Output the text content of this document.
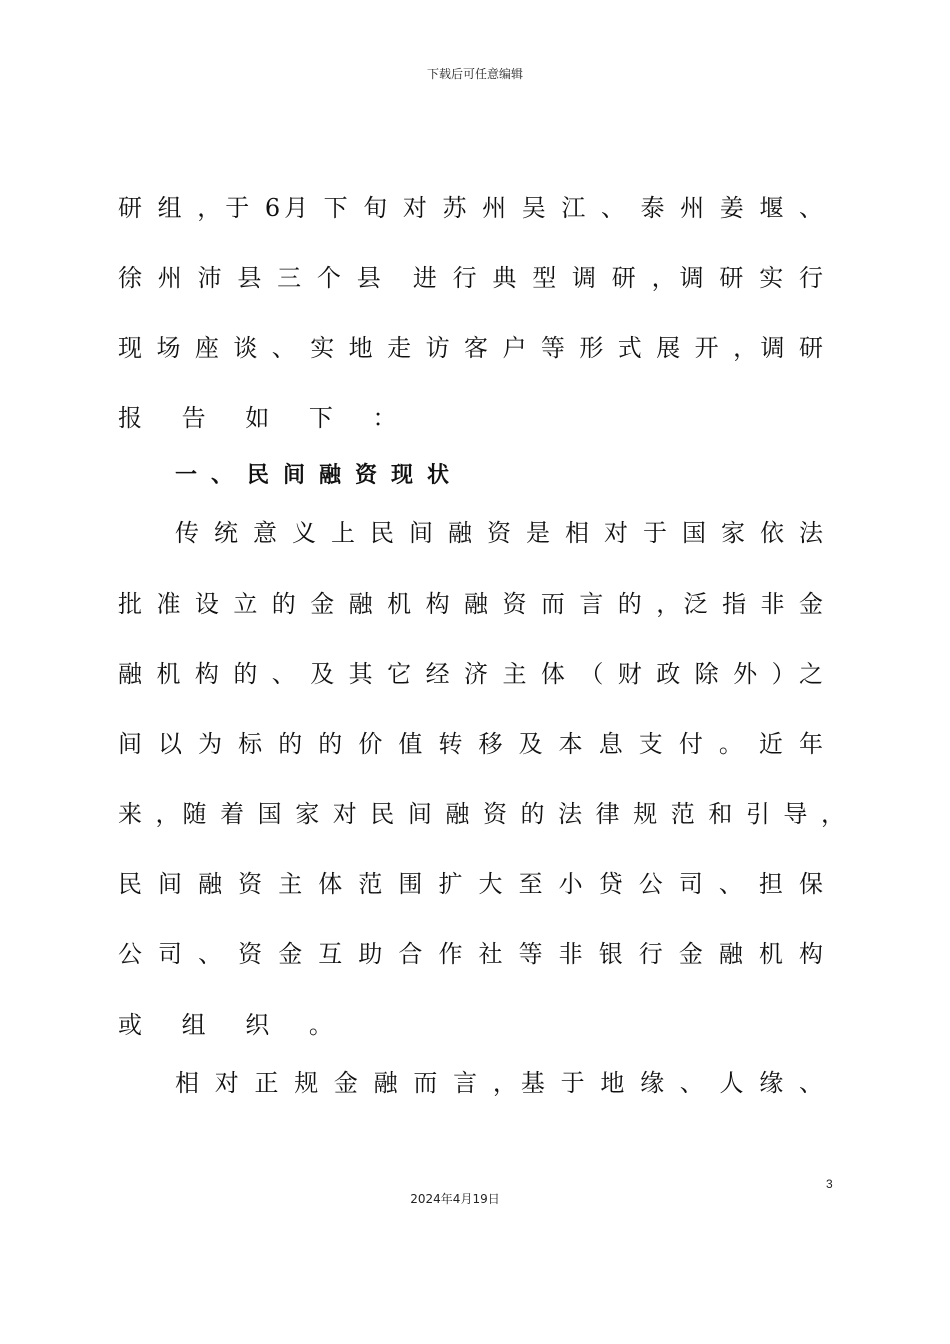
下载后可任意编辑
研 组 ，于 6月 下 旬 对 苏 州 吴 江 、 泰 州 姜 堰 、
徐 州 沛 县 三 个 县　进 行 典 型 调 研 ，调 研 实 行
现 场 座 谈 、 实 地 走 访 客 户 等 形 式 展 开 ，调 研
报 告 如 下 ：
一、民间融资现状
传 统 意 义 上 民 间 融 资 是 相 对 于 国 家 依 法
批 准 设 立 的 金 融 机 构 融 资 而 言 的 ，泛 指 非 金
融 机 构 的 、 及 其 它 经 济 主 体 （ 财 政 除 外 ）之
间 以 为 标 的 的 价 值 转 移 及 本 息 支 付 。 近 年
来 ，随 着 国 家 对 民 间 融 资 的 法 律 规 范 和 引 导 ，
民 间 融 资 主 体 范 围 扩 大 至 小 贷 公 司 、 担 保
公 司 、 资 金 互 助 合 作 社 等 非 银 行 金 融 机 构
或 组 织 。
相 对 正 规 金 融 而 言 ，基 于 地 缘 、 人 缘 、
3
2024年4月19日
